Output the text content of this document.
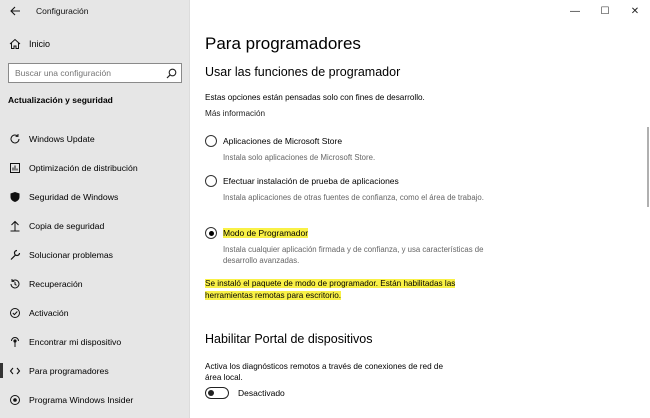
Configuración
Inicio
Buscar una configuración
Actualización y seguridad
Windows Update
Optimización de distribución
Seguridad de Windows
Copia de seguridad
Solucionar problemas
Recuperación
Activación
Encontrar mi dispositivo
Para programadores
Programa Windows Insider
—	☐	✕
Para programadores
Usar las funciones de programador
Estas opciones están pensadas solo con fines de desarrollo.
Más información
Aplicaciones de Microsoft Store
Instala solo aplicaciones de Microsoft Store.
Efectuar instalación de prueba de aplicaciones
Instala aplicaciones de otras fuentes de confianza, como el área de trabajo.
Modo de Programador
Instala cualquier aplicación firmada y de confianza, y usa características de desarrollo avanzadas.
Se instaló el paquete de modo de programador. Están habilitadas las herramientas remotas para escritorio.
Habilitar Portal de dispositivos
Activa los diagnósticos remotos a través de conexiones de red de área local.
Desactivado
